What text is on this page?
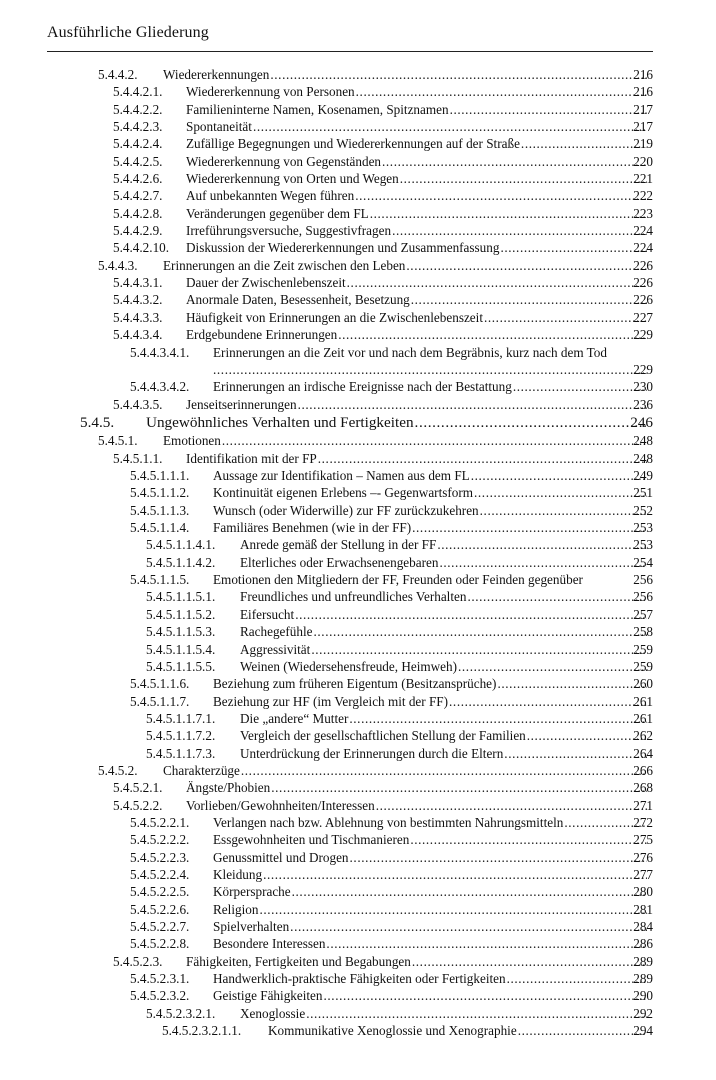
Ausführliche Gliederung
5.4.4.2. Wiedererkennungen .....	216
5.4.4.2.1. Wiedererkennung von Personen .....	216
5.4.4.2.2. Familieninterne Namen, Kosenamen, Spitznamen .....	217
5.4.4.2.3. Spontaneität .....	217
5.4.4.2.4. Zufällige Begegnungen und Wiedererkennungen auf der Straße .....	219
5.4.4.2.5. Wiedererkennung von Gegenständen .....	220
5.4.4.2.6. Wiedererkennung von Orten und Wegen .....	221
5.4.4.2.7. Auf unbekannten Wegen führen .....	222
5.4.4.2.8. Veränderungen gegenüber dem FL .....	223
5.4.4.2.9. Irreführungsversuche, Suggestivfragen .....	224
5.4.4.2.10. Diskussion der Wiedererkennungen und Zusammenfassung .....	224
5.4.4.3. Erinnerungen an die Zeit zwischen den Leben .....	226
5.4.4.3.1. Dauer der Zwischenlebenszeit .....	226
5.4.4.3.2. Anormale Daten, Besessenheit, Besetzung .....	226
5.4.4.3.3. Häufigkeit von Erinnerungen an die Zwischenlebenszeit .....	227
5.4.4.3.4. Erdgebundene Erinnerungen .....	229
5.4.4.3.4.1. Erinnerungen an die Zeit vor und nach dem Begräbnis, kurz nach dem Tod
.....
229
5.4.4.3.4.2. Erinnerungen an irdische Ereignisse nach der Bestattung .....	230
5.4.4.3.5. Jenseitserinnerungen .....	236
5.4.5. Ungewöhnliches Verhalten und Fertigkeiten .....	246
5.4.5.1. Emotionen .....	248
5.4.5.1.1. Identifikation mit der FP .....	248
5.4.5.1.1.1. Aussage zur Identifikation – Namen aus dem FL .....	249
5.4.5.1.1.2. Kontinuität eigenen Erlebens –- Gegenwartsform .....	251
5.4.5.1.1.3. Wunsch (oder Widerwille) zur FF zurückzukehren .....	252
5.4.5.1.1.4. Familiäres Benehmen (wie in der FF) .....	253
5.4.5.1.1.4.1. Anrede gemäß der Stellung in der FF .....	253
5.4.5.1.1.4.2. Elterliches oder Erwachsenengebaren .....	254
5.4.5.1.1.5. Emotionen den Mitgliedern der FF, Freunden oder Feinden gegenüber	256
5.4.5.1.1.5.1. Freundliches und unfreundliches Verhalten .....	256
5.4.5.1.1.5.2. Eifersucht .....	257
5.4.5.1.1.5.3. Rachegefühle .....	258
5.4.5.1.1.5.4. Aggressivität .....	259
5.4.5.1.1.5.5. Weinen (Wiedersehensfreude, Heimweh) .....	259
5.4.5.1.1.6. Beziehung zum früheren Eigentum (Besitzansprüche) .....	260
5.4.5.1.1.7. Beziehung zur HF (im Vergleich mit der FF) .....	261
5.4.5.1.1.7.1. Die „andere“ Mutter .....	261
5.4.5.1.1.7.2. Vergleich der gesellschaftlichen Stellung der Familien .....	262
5.4.5.1.1.7.3. Unterdrückung der Erinnerungen durch die Eltern .....	264
5.4.5.2. Charakterzüge .....	266
5.4.5.2.1. Ängste/Phobien .....	268
5.4.5.2.2. Vorlieben/Gewohnheiten/Interessen .....	271
5.4.5.2.2.1. Verlangen nach bzw. Ablehnung von bestimmten Nahrungsmitteln .....	272
5.4.5.2.2.2. Essgewohnheiten und Tischmanieren .....	275
5.4.5.2.2.3. Genussmittel und Drogen .....	276
5.4.5.2.2.4. Kleidung .....	277
5.4.5.2.2.5. Körpersprache .....	280
5.4.5.2.2.6. Religion .....	281
5.4.5.2.2.7. Spielverhalten .....	284
5.4.5.2.2.8. Besondere Interessen .....	286
5.4.5.2.3. Fähigkeiten, Fertigkeiten und Begabungen .....	289
5.4.5.2.3.1. Handwerklich-praktische Fähigkeiten oder Fertigkeiten .....	289
5.4.5.2.3.2. Geistige Fähigkeiten .....	290
5.4.5.2.3.2.1. Xenoglossie .....	292
5.4.5.2.3.2.1.1. Kommunikative Xenoglossie und Xenographie .....	294
